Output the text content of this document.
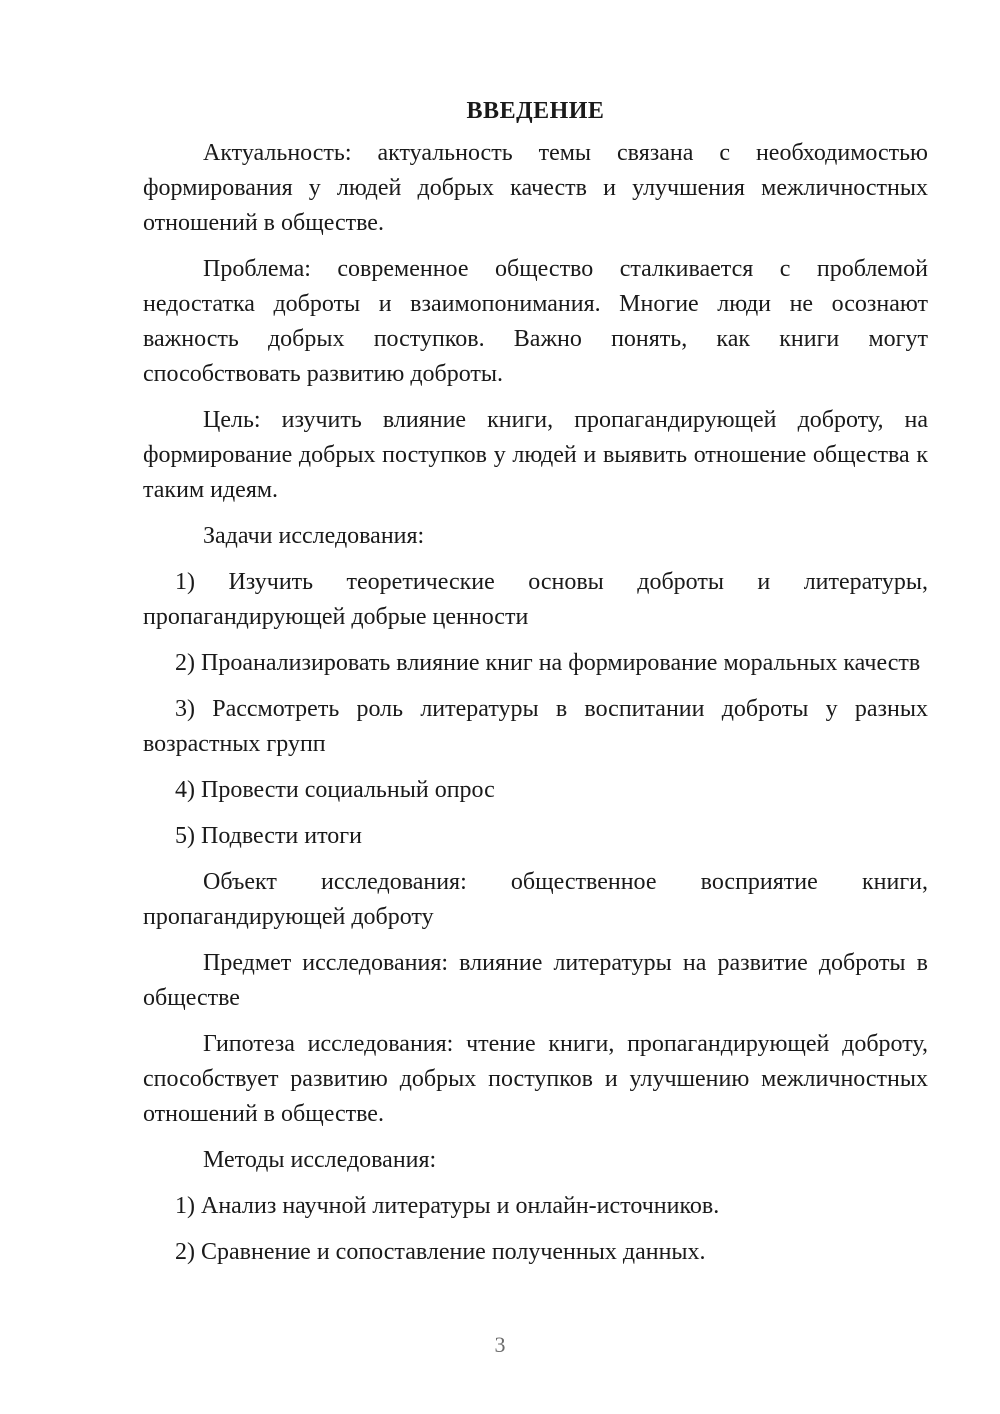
ВВЕДЕНИЕ

Актуальность: актуальность темы связана с необходимостью формирования у людей добрых качеств и улучшения межличностных отношений в обществе.

Проблема: современное общество сталкивается с проблемой недостатка доброты и взаимопонимания. Многие люди не осознают важность добрых поступков. Важно понять, как книги могут способствовать развитию доброты.

Цель: изучить влияние книги, пропагандирующей доброту, на формирование добрых поступков у людей и выявить отношение общества к таким идеям.

Задачи исследования:

1) Изучить теоретические основы доброты и литературы, пропагандирующей добрые ценности

2) Проанализировать влияние книг на формирование моральных качеств

3) Рассмотреть роль литературы в воспитании доброты у разных возрастных групп

4) Провести социальный опрос

5) Подвести итоги

Объект исследования: общественное восприятие книги, пропагандирующей доброту

Предмет исследования: влияние литературы на развитие доброты в обществе

Гипотеза исследования: чтение книги, пропагандирующей доброту, способствует развитию добрых поступков и улучшению межличностных отношений в обществе.

Методы исследования:

1) Анализ научной литературы и онлайн-источников.

2) Сравнение и сопоставление полученных данных.

3
